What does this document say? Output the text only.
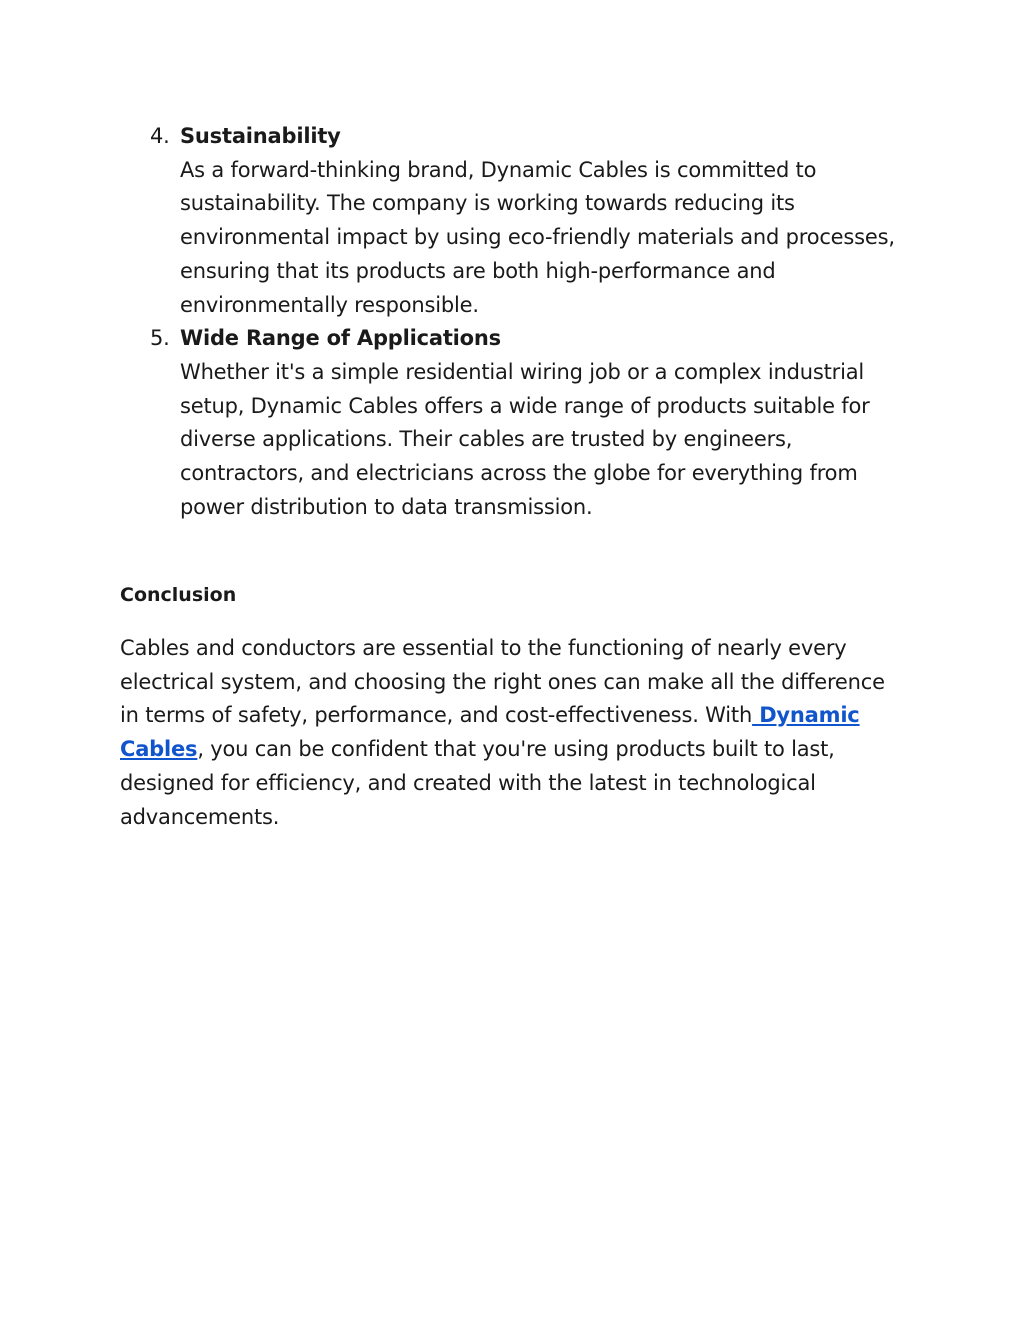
4. Sustainability
As a forward-thinking brand, Dynamic Cables is committed to sustainability. The company is working towards reducing its environmental impact by using eco-friendly materials and processes, ensuring that its products are both high-performance and environmentally responsible.
5. Wide Range of Applications
Whether it's a simple residential wiring job or a complex industrial setup, Dynamic Cables offers a wide range of products suitable for diverse applications. Their cables are trusted by engineers, contractors, and electricians across the globe for everything from power distribution to data transmission.
Conclusion

Cables and conductors are essential to the functioning of nearly every electrical system, and choosing the right ones can make all the difference in terms of safety, performance, and cost-effectiveness. With Dynamic Cables, you can be confident that you're using products built to last, designed for efficiency, and created with the latest in technological advancements.
